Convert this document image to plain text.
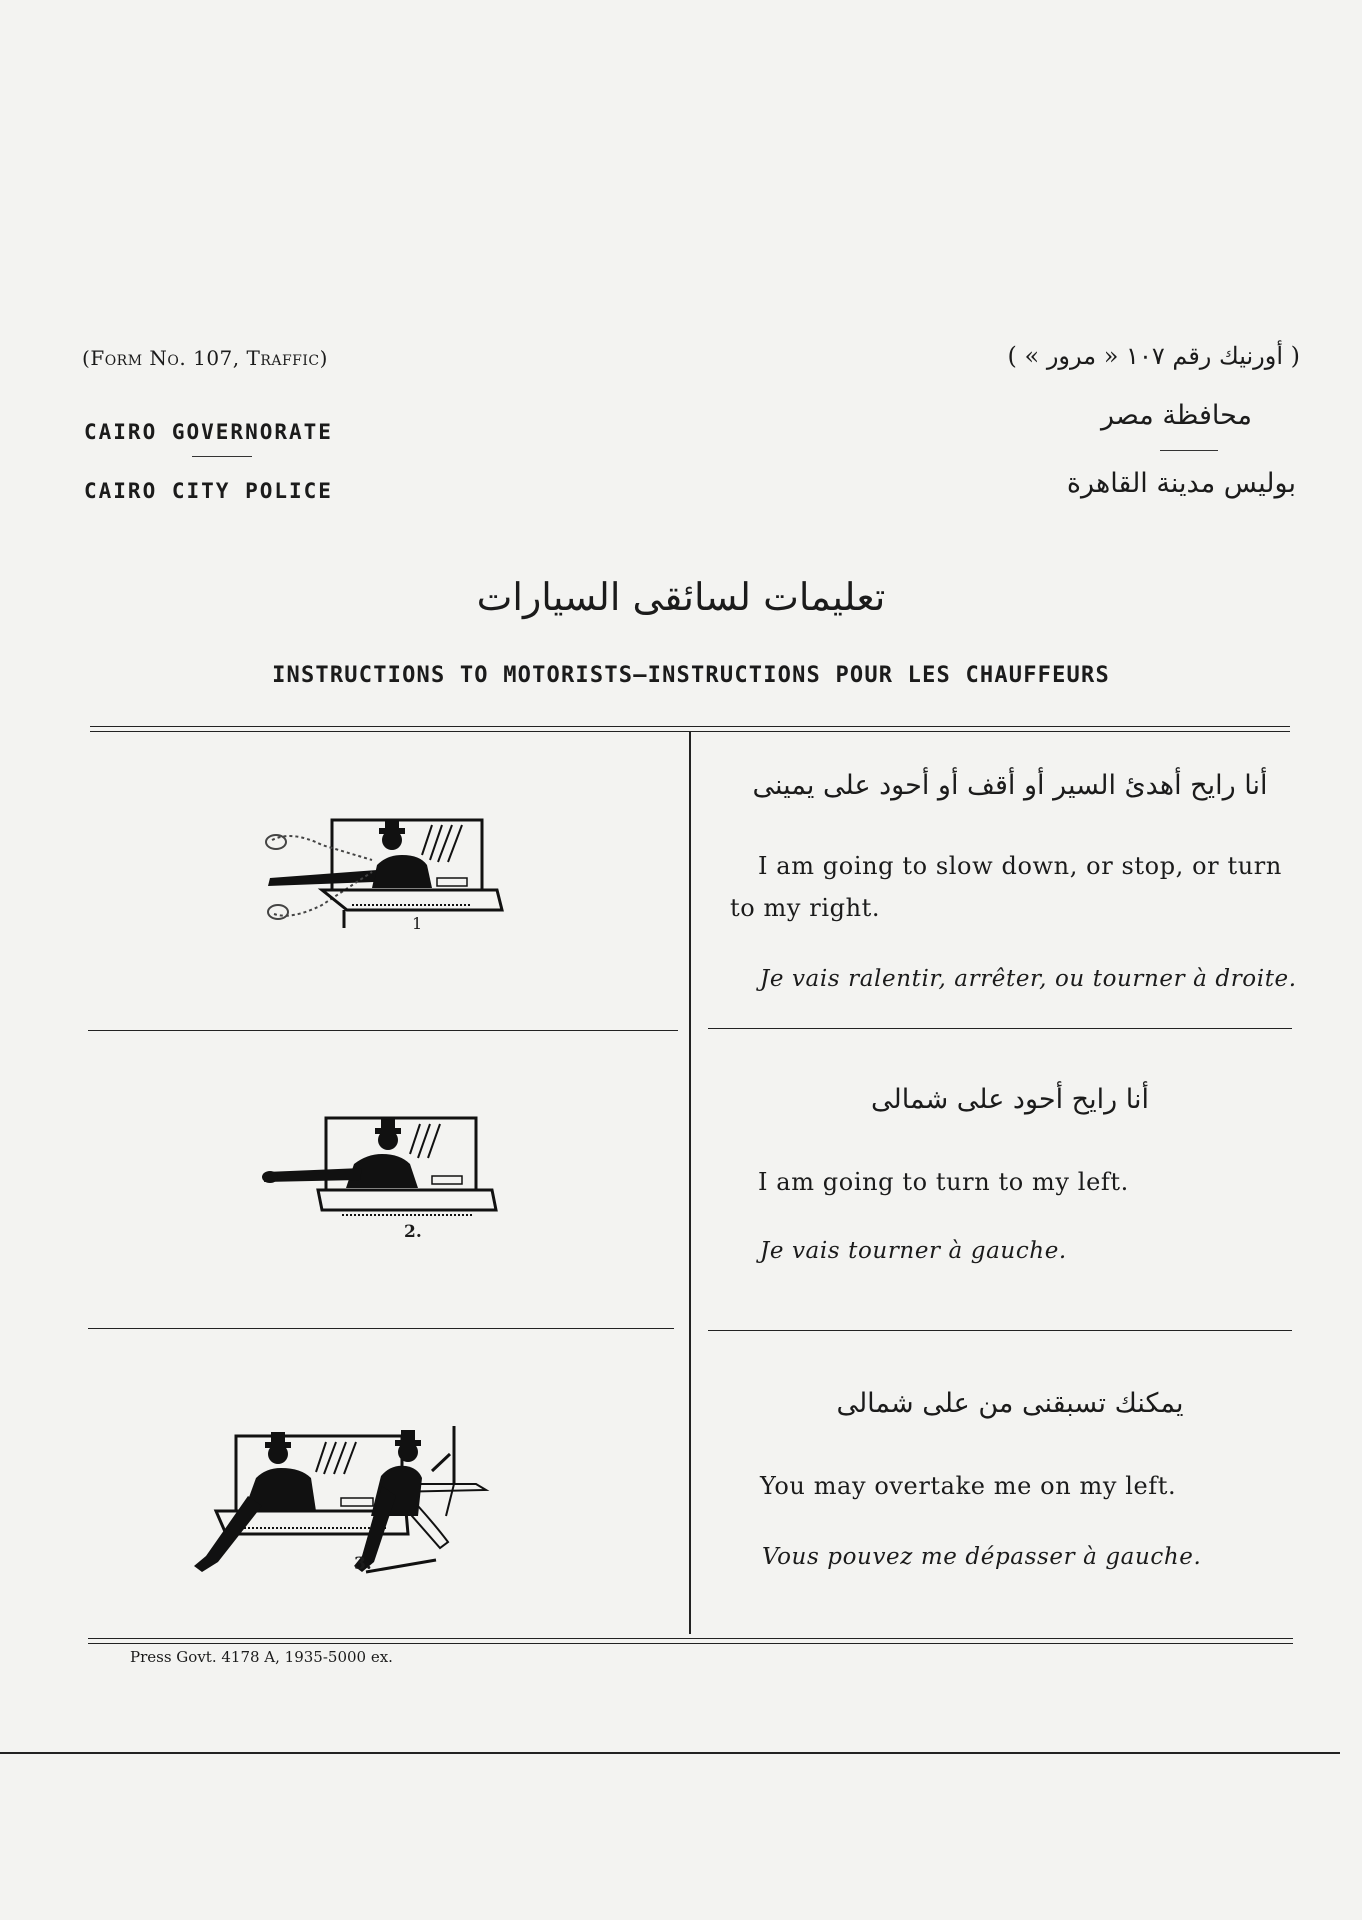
(Form No. 107, Traffic)	( أورنيك رقم ١٠٧ « مرور » )
CAIRO GOVERNORATE
CAIRO CITY POLICE
محافظة مصر
بوليس مدينة القاهرة
تعليمات لسائقى السيارات
INSTRUCTIONS TO MOTORISTS—INSTRUCTIONS POUR LES CHAUFFEURS
1
أنا رايح أهدئ السير أو أقف أو أحود على يمينى
I am going to slow down, or stop, or turn
to my right.
Je vais ralentir, arrêter, ou tourner à droite.
2.
أنا رايح أحود على شمالى
I am going to turn to my left.
Je vais tourner à gauche.
3.
يمكنك تسبقنى من على شمالى
You may overtake me on my left.
Vous pouvez me dépasser à gauche.
Press Govt. 4178 A, 1935-5000 ex.
